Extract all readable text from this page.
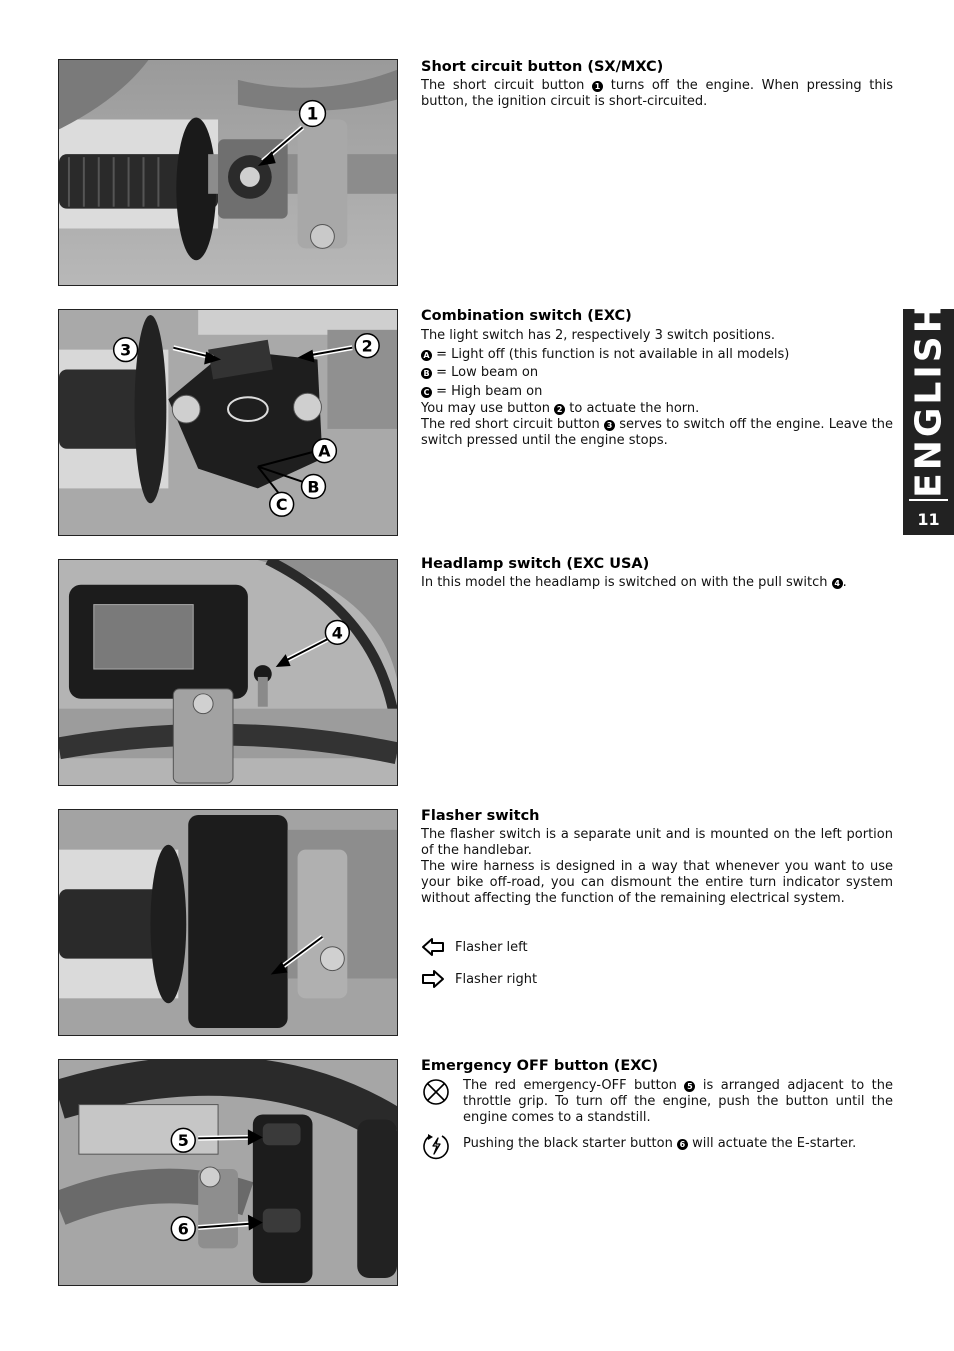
ENGLISH
11
1

Short circuit button (SX/MXC)

The short circuit button 1 turns off the engine. When pressing this button, the ignition circuit is short-circuited.

3	2
A
B
C

Combination switch (EXC)

The light switch has 2, respectively 3 switch positions.

A = Light off (this function is not available in all models)

B = Low beam on

C = High beam on

You may use button 2 to actuate the horn.

The red short circuit button 3 serves to switch off the engine. Leave the switch pressed until the engine stops.

4

Headlamp switch (EXC USA)

In this model the headlamp is switched on with the pull switch 4 .

Flasher switch

The flasher switch is a separate unit and is mounted on the left portion of the handlebar.

The wire harness is designed in a way that whenever you want to use your bike off-road, you can dismount the entire turn indicator system without affecting the function of the remaining electrical system.

Flasher left
Flasher right
5
6

Emergency OFF button (EXC)

The red emergency-OFF button 5 is arranged adjacent to the throttle grip. To turn off the engine, push the button until the engine comes to a standstill.

Pushing the black starter button 6 will actuate the E-starter.
